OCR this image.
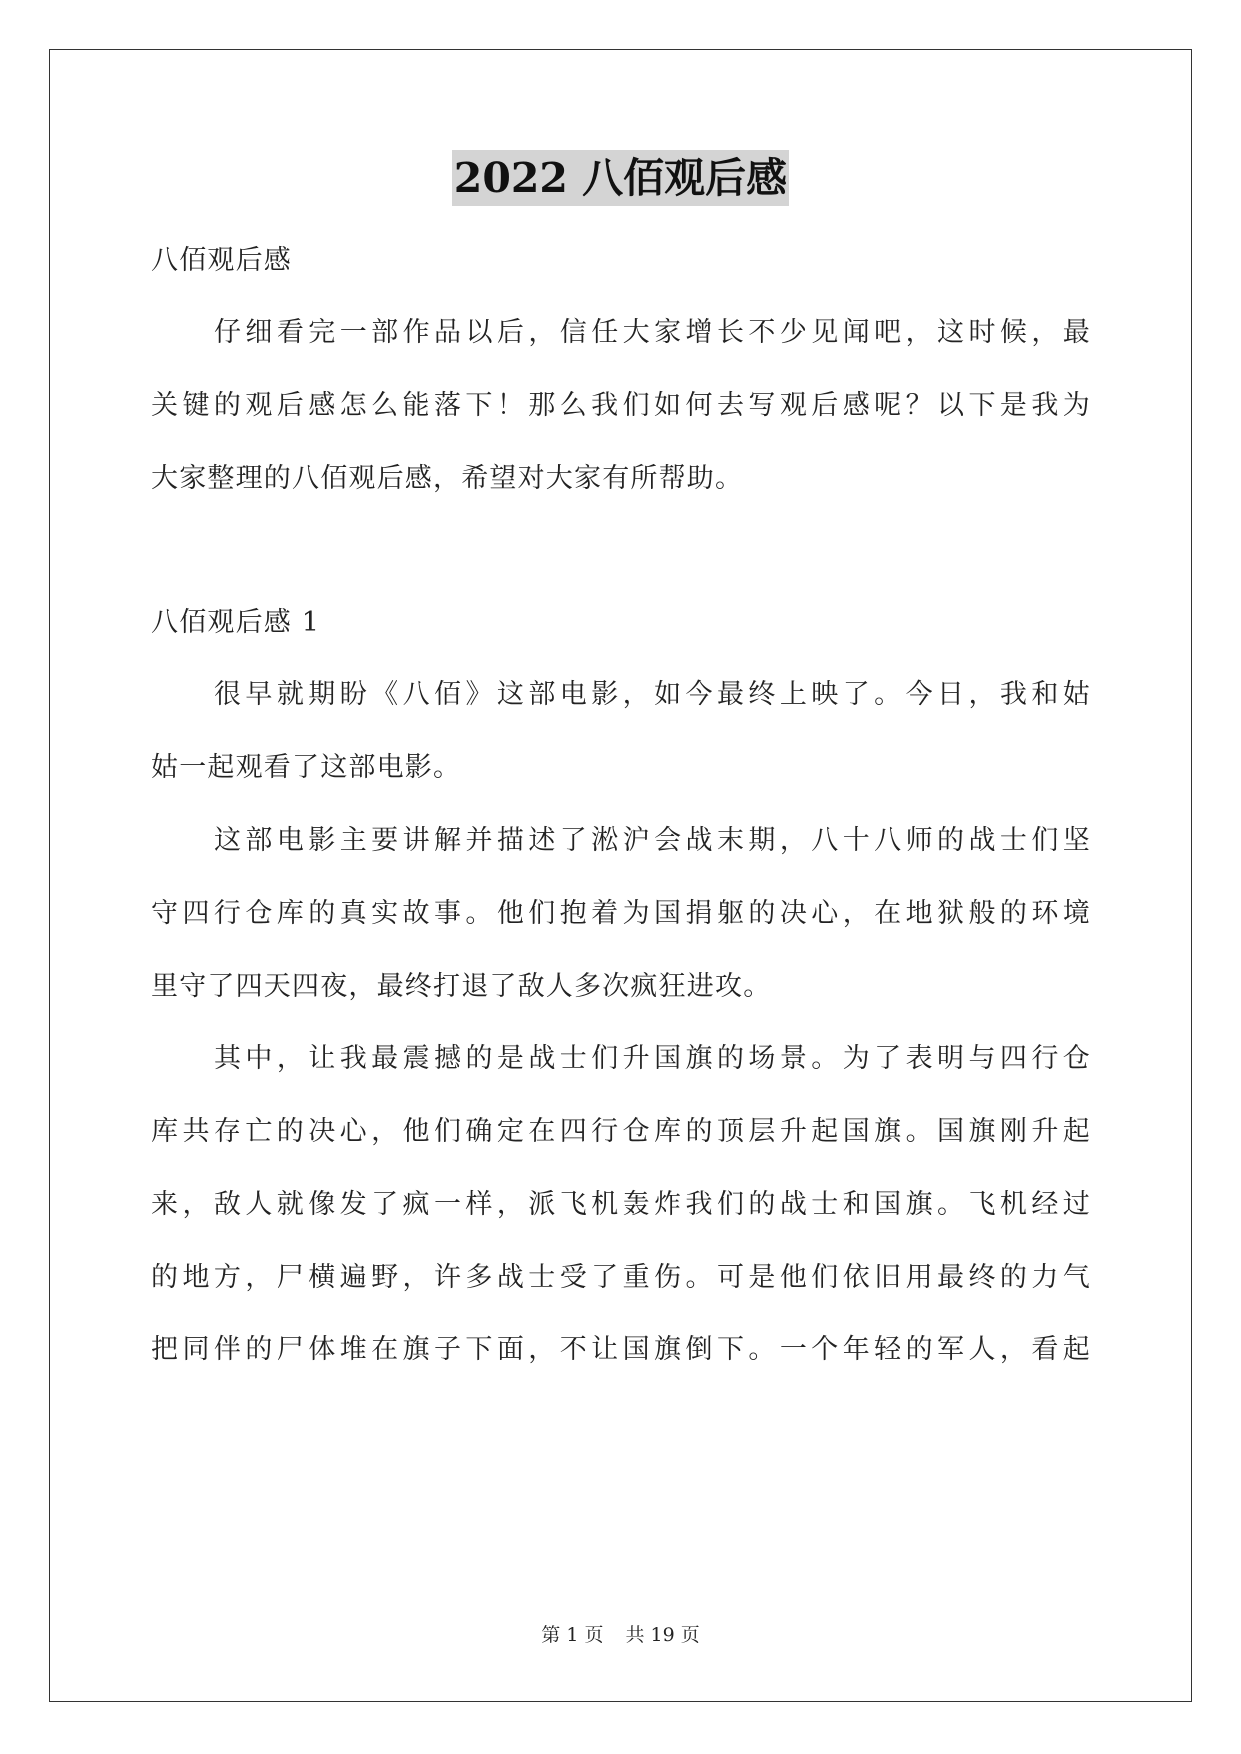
2022 八佰观后感
八佰观后感
仔细看完一部作品以后，信任大家增长不少见闻吧，这时候，最
关键的观后感怎么能落下！那么我们如何去写观后感呢？以下是我为
大家整理的八佰观后感，希望对大家有所帮助。
八佰观后感 1
很早就期盼《八佰》这部电影，如今最终上映了。今日，我和姑
姑一起观看了这部电影。
这部电影主要讲解并描述了淞沪会战末期，八十八师的战士们坚
守四行仓库的真实故事。他们抱着为国捐躯的决心，在地狱般的环境
里守了四天四夜，最终打退了敌人多次疯狂进攻。
其中，让我最震撼的是战士们升国旗的场景。为了表明与四行仓
库共存亡的决心，他们确定在四行仓库的顶层升起国旗。国旗刚升起
来，敌人就像发了疯一样，派飞机轰炸我们的战士和国旗。飞机经过
的地方，尸横遍野，许多战士受了重伤。可是他们依旧用最终的力气
把同伴的尸体堆在旗子下面，不让国旗倒下。一个年轻的军人，看起
第 1 页 共 19 页
